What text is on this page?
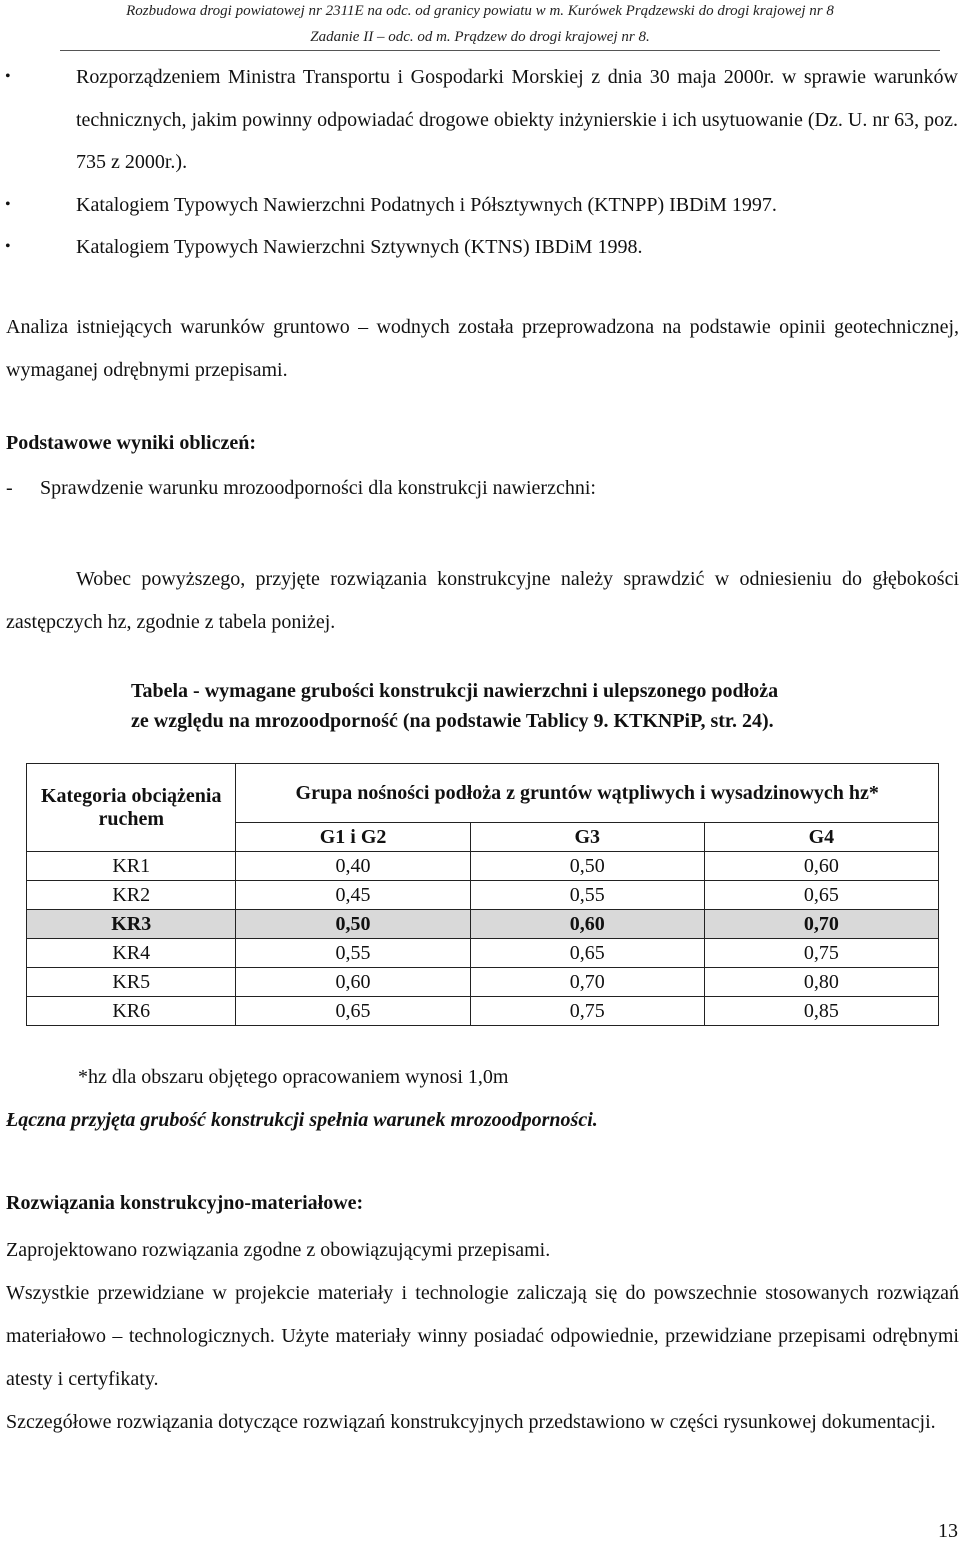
Rozbudowa drogi powiatowej nr 2311E na odc. od granicy powiatu w m. Kurówek Prądzewski do drogi krajowej nr 8
Zadanie II – odc. od m. Prądzew do drogi krajowej nr 8.
•	Rozporządzeniem Ministra Transportu i Gospodarki Morskiej z dnia 30 maja 2000r. w sprawie warunków technicznych, jakim powinny odpowiadać drogowe obiekty inżynierskie i ich usytuowanie (Dz. U. nr 63, poz. 735 z 2000r.).
•	Katalogiem Typowych Nawierzchni Podatnych i Półsztywnych (KTNPP) IBDiM 1997.
•	Katalogiem Typowych Nawierzchni Sztywnych (KTNS) IBDiM 1998.
Analiza istniejących warunków gruntowo – wodnych została przeprowadzona na podstawie opinii geotechnicznej, wymaganej odrębnymi przepisami.
Podstawowe wyniki obliczeń:
- Sprawdzenie warunku mrozoodporności dla konstrukcji nawierzchni:
Wobec powyższego, przyjęte rozwiązania konstrukcyjne należy sprawdzić w odniesieniu do głębokości zastępczych hz, zgodnie z tabela poniżej.
Tabela - wymagane grubości konstrukcji nawierzchni i ulepszonego podłoża
ze względu na mrozoodporność (na podstawie Tablicy 9. KTKNPiP, str. 24).
Kategoria obciążenia ruchem	Grupa nośności podłoża z gruntów wątpliwych i wysadzinowych hz*		
	G1 i G2	G3	G4
KR1	0,40	0,50	0,60
KR2	0,45	0,55	0,65
KR3	0,50	0,60	0,70
KR4	0,55	0,65	0,75
KR5	0,60	0,70	0,80
KR6	0,65	0,75	0,85
*hz dla obszaru objętego opracowaniem wynosi 1,0m
Łączna przyjęta grubość konstrukcji spełnia warunek mrozoodporności.
Rozwiązania konstrukcyjno-materiałowe:
Zaprojektowano rozwiązania zgodne z obowiązującymi przepisami.
Wszystkie przewidziane w projekcie materiały i technologie zaliczają się do powszechnie stosowanych rozwiązań materiałowo – technologicznych. Użyte materiały winny posiadać odpowiednie, przewidziane przepisami odrębnymi atesty i certyfikaty.
Szczegółowe rozwiązania dotyczące rozwiązań konstrukcyjnych przedstawiono w części rysunkowej dokumentacji.
13
